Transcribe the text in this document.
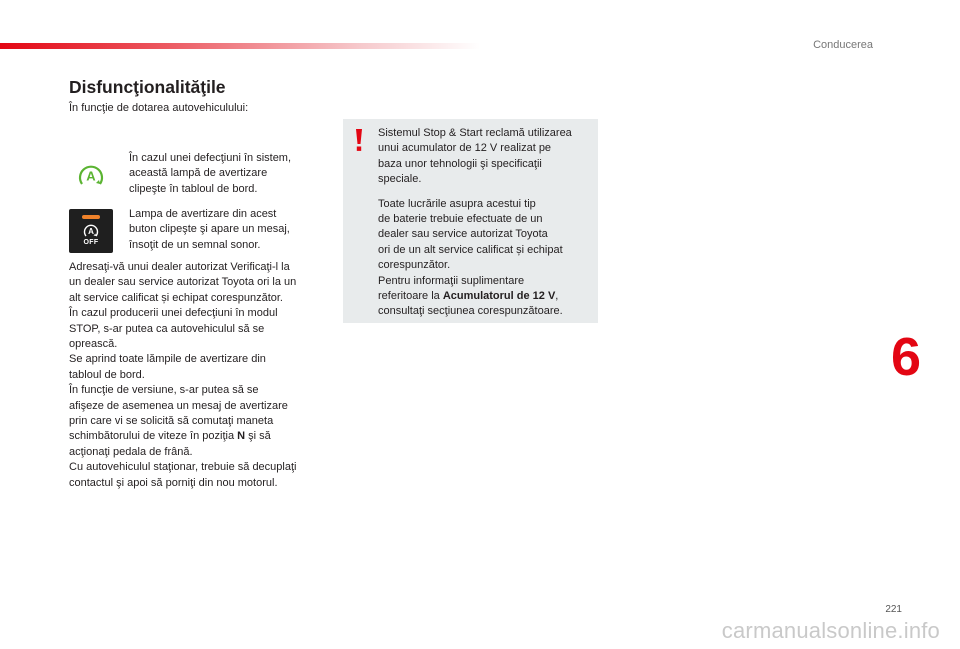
Conducerea
Disfuncţionalităţile
În funcţie de dotarea autovehiculului:
A
În cazul unei defecţiuni în sistem,
această lampă de avertizare
clipeşte în tabloul de bord.
A
OFF
Lampa de avertizare din acest
buton clipeşte şi apare un mesaj,
însoţit de un semnal sonor.
Adresaţi-vă unui dealer autorizat Verificaţi-l la
un dealer sau service autorizat Toyota ori la un
alt service calificat și echipat corespunzător.
În cazul producerii unei defecţiuni în modul
STOP, s-ar putea ca autovehiculul să se
oprească.
Se aprind toate lămpile de avertizare din
tabloul de bord.
În funcţie de versiune, s-ar putea să se
afişeze de asemenea un mesaj de avertizare
prin care vi se solicită să comutaţi maneta
schimbătorului de viteze în poziţia N şi să
acţionaţi pedala de frână.
Cu autovehiculul staţionar, trebuie să decuplaţi
contactul şi apoi să porniţi din nou motorul.
Sistemul Stop & Start reclamă utilizarea
unui acumulator de 12 V realizat pe
baza unor tehnologii şi specificaţii
speciale.
Toate lucrările asupra acestui tip
de baterie trebuie efectuate de un
dealer sau service autorizat Toyota
ori de un alt service calificat și echipat
corespunzător.
Pentru informaţii suplimentare
referitoare la Acumulatorul de 12 V,
consultaţi secţiunea corespunzătoare.
6
221
carmanualsonline.info
